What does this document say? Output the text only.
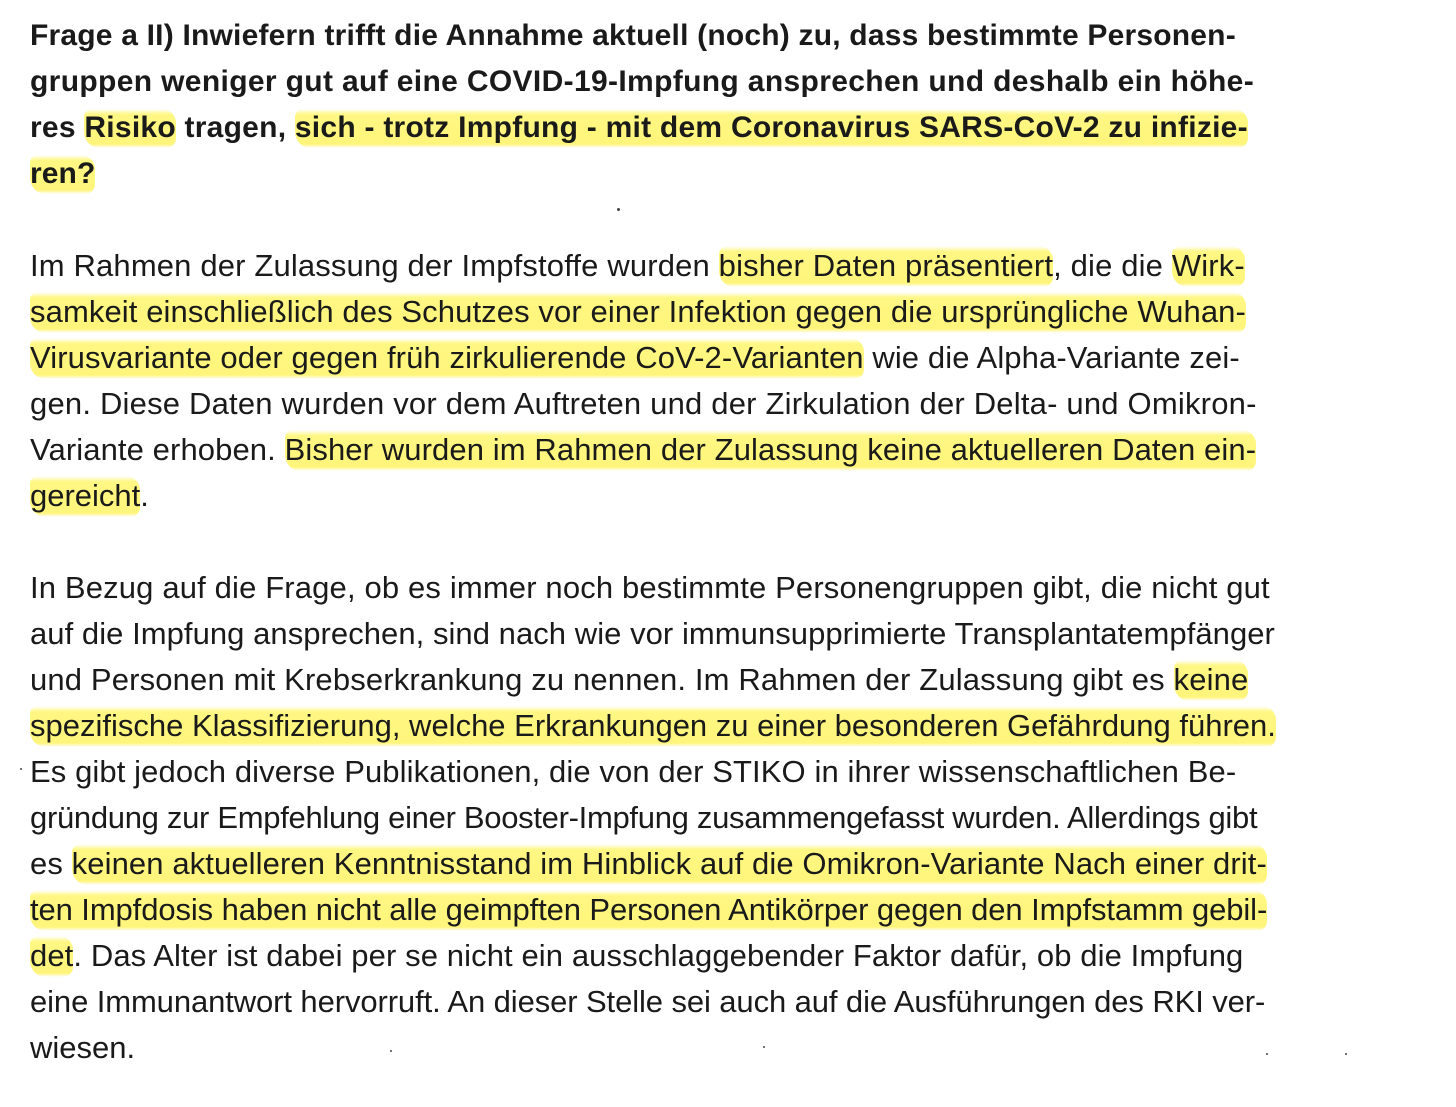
Frage a II) Inwiefern trifft die Annahme aktuell (noch) zu, dass bestimmte Personen-
gruppen weniger gut auf eine COVID-19-Impfung ansprechen und deshalb ein höhe-
res Risiko tragen, sich - trotz Impfung - mit dem Coronavirus SARS-CoV-2 zu infizie-
ren?
Im Rahmen der Zulassung der Impfstoffe wurden bisher Daten präsentiert, die die Wirk-
samkeit einschließlich des Schutzes vor einer Infektion gegen die ursprüngliche Wuhan-
Virusvariante oder gegen früh zirkulierende CoV-2-Varianten wie die Alpha-Variante zei-
gen. Diese Daten wurden vor dem Auftreten und der Zirkulation der Delta- und Omikron-
Variante erhoben. Bisher wurden im Rahmen der Zulassung keine aktuelleren Daten ein-
gereicht.
In Bezug auf die Frage, ob es immer noch bestimmte Personengruppen gibt, die nicht gut
auf die Impfung ansprechen, sind nach wie vor immunsupprimierte Transplantatempfänger
und Personen mit Krebserkrankung zu nennen. Im Rahmen der Zulassung gibt es keine
spezifische Klassifizierung, welche Erkrankungen zu einer besonderen Gefährdung führen.
Es gibt jedoch diverse Publikationen, die von der STIKO in ihrer wissenschaftlichen Be-
gründung zur Empfehlung einer Booster-Impfung zusammengefasst wurden. Allerdings gibt
es keinen aktuelleren Kenntnisstand im Hinblick auf die Omikron-Variante Nach einer drit-
ten Impfdosis haben nicht alle geimpften Personen Antikörper gegen den Impfstamm gebil-
det. Das Alter ist dabei per se nicht ein ausschlaggebender Faktor dafür, ob die Impfung
eine Immunantwort hervorruft. An dieser Stelle sei auch auf die Ausführungen des RKI ver-
wiesen.
